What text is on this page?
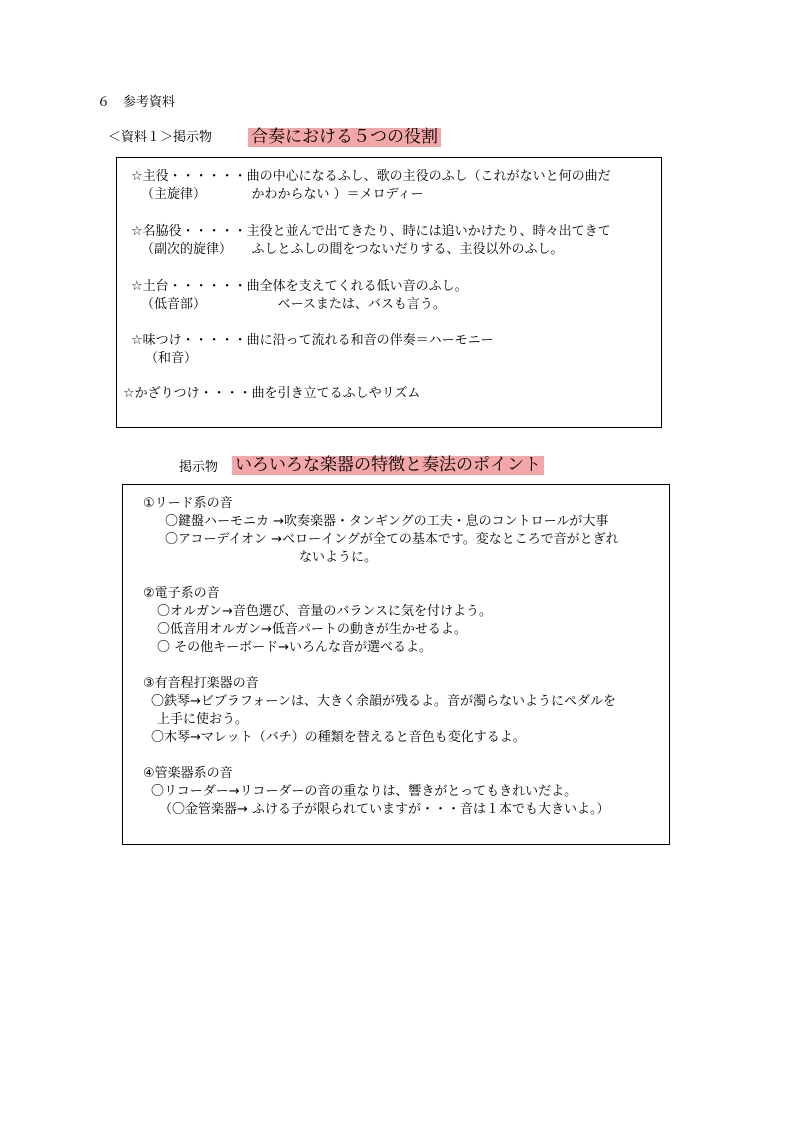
６　参考資料
＜資料１＞掲示物 合奏における５つの役割
☆主役・・・・・・曲の中心になるふし、歌の主役のふし（これがないと何の曲だ
（主旋律）　　　　かわからない ）＝メロディー
☆名脇役・・・・・主役と並んで出てきたり、時には追いかけたり、時々出てきて
（副次的旋律）　　ふしとふしの間をつないだりする、主役以外のふし。
☆土台・・・・・・曲全体を支えてくれる低い音のふし。
（低音部）　　　　　　ベースまたは、バスも言う。
☆味つけ・・・・・曲に沿って流れる和音の伴奏＝ハーモニー
（和音）
☆かざりつけ・・・・曲を引き立てるふしやリズム
掲示物 いろいろな楽器の特徴と奏法のポイント
①リード系の音
〇鍵盤ハーモニカ →吹奏楽器・タンギングの工夫・息のコントロールが大事
〇アコーデイオン →ベローイングが全ての基本です。変なところで音がとぎれ
ないように。
②電子系の音
〇オルガン→音色選び、音量のバランスに気を付けよう。
〇低音用オルガン→低音パートの動きが生かせるよ。
〇 その他キーボード→いろんな音が選べるよ。
③有音程打楽器の音
〇鉄琴→ビブラフォーンは、大きく余韻が残るよ。音が濁らないようにペダルを
上手に使おう。
〇木琴→マレット（バチ）の種類を替えると音色も変化するよ。
④管楽器系の音
〇リコーダー→リコーダーの音の重なりは、響きがとってもきれいだよ。
（〇金管楽器→ ふける子が限られていますが・・・音は１本でも大きいよ。）
